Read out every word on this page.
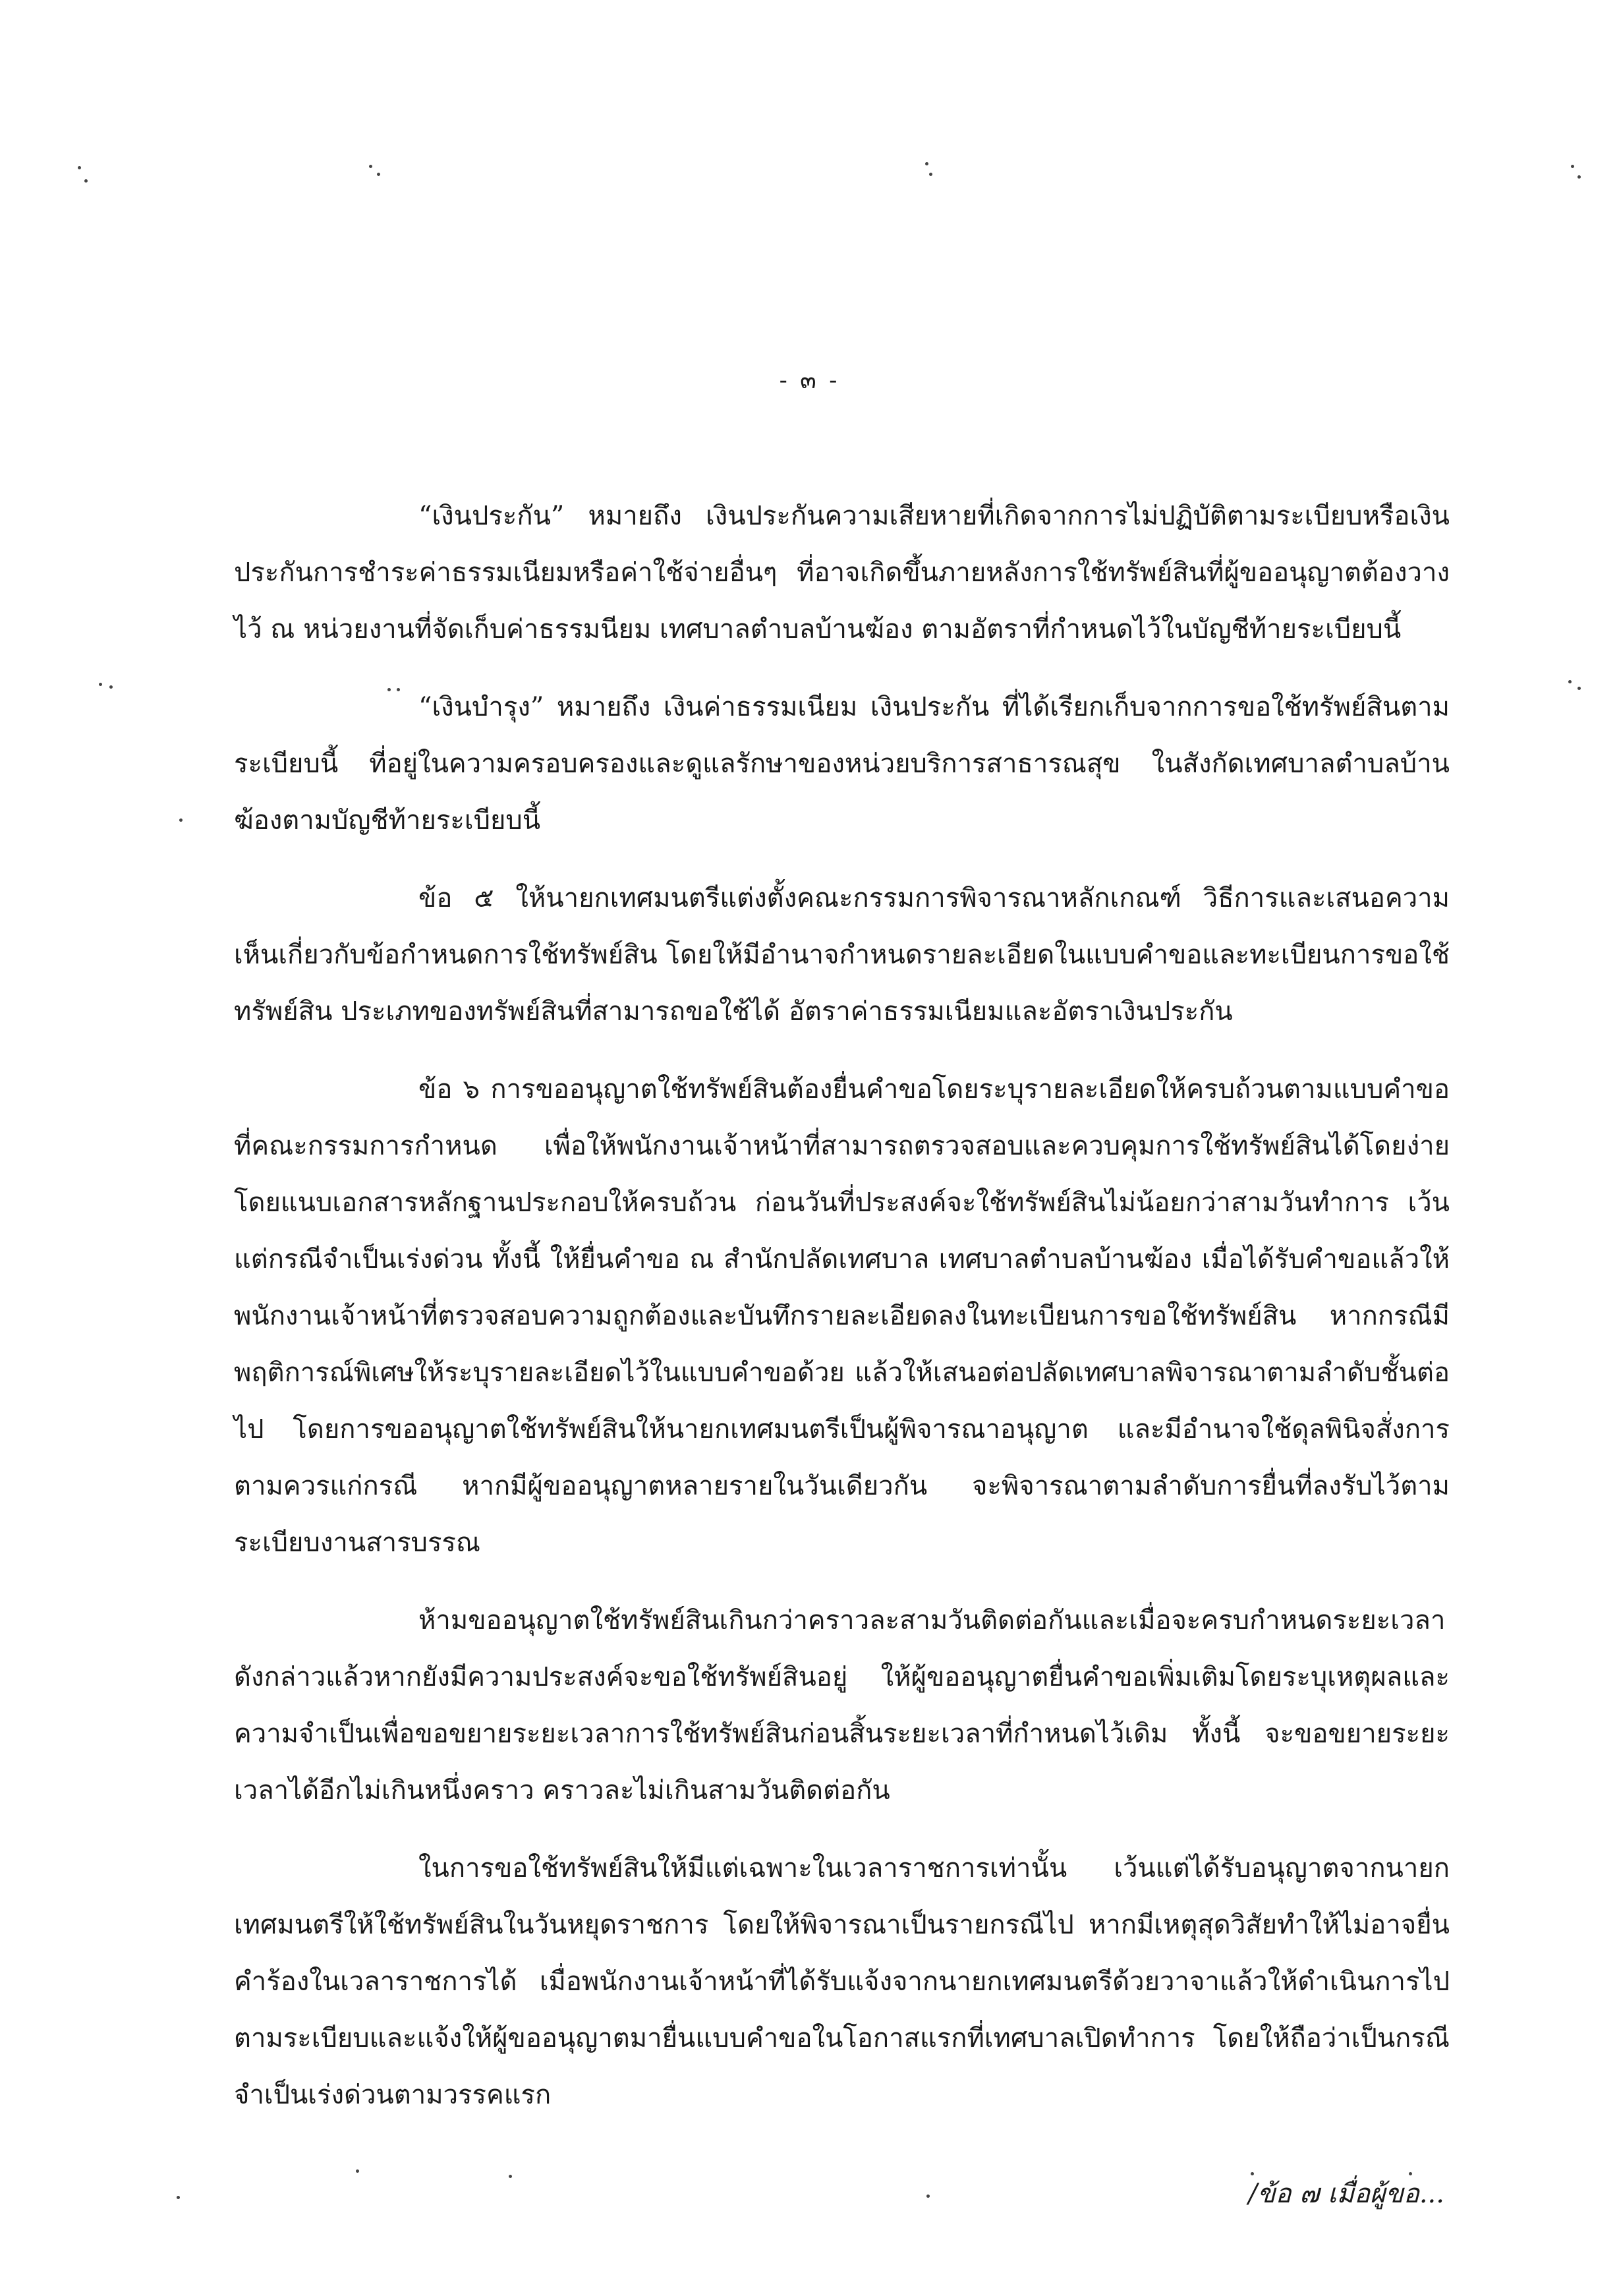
- ๓ -

“เงินประกัน” หมายถึง เงินประกันความเสียหายที่เกิดจากการไม่ปฏิบัติตามระเบียบหรือเงินประกันการชำระค่าธรรมเนียมหรือค่าใช้จ่ายอื่นๆ ที่อาจเกิดขึ้นภายหลังการใช้ทรัพย์สินที่ผู้ขออนุญาตต้องวางไว้ ณ หน่วยงานที่จัดเก็บค่าธรรมนียม เทศบาลตำบลบ้านฆ้อง ตามอัตราที่กำหนดไว้ในบัญชีท้ายระเบียบนี้

“เงินบำรุง” หมายถึง เงินค่าธรรมเนียม เงินประกัน ที่ได้เรียกเก็บจากการขอใช้ทรัพย์สินตามระเบียบนี้ ที่อยู่ในความครอบครองและดูแลรักษาของหน่วยบริการสาธารณสุข ในสังกัดเทศบาลตำบลบ้านฆ้องตามบัญชีท้ายระเบียบนี้

ข้อ ๕ ให้นายกเทศมนตรีแต่งตั้งคณะกรรมการพิจารณาหลักเกณฑ์ วิธีการและเสนอความเห็นเกี่ยวกับข้อกำหนดการใช้ทรัพย์สิน โดยให้มีอำนาจกำหนดรายละเอียดในแบบคำขอและทะเบียนการขอใช้ทรัพย์สิน ประเภทของทรัพย์สินที่สามารถขอใช้ได้ อัตราค่าธรรมเนียมและอัตราเงินประกัน

ข้อ ๖ การขออนุญาตใช้ทรัพย์สินต้องยื่นคำขอโดยระบุรายละเอียดให้ครบถ้วนตามแบบคำขอที่คณะกรรมการกำหนด เพื่อให้พนักงานเจ้าหน้าที่สามารถตรวจสอบและควบคุมการใช้ทรัพย์สินได้โดยง่าย โดยแนบเอกสารหลักฐานประกอบให้ครบถ้วน ก่อนวันที่ประสงค์จะใช้ทรัพย์สินไม่น้อยกว่าสามวันทำการ เว้นแต่กรณีจำเป็นเร่งด่วน ทั้งนี้ ให้ยื่นคำขอ ณ สำนักปลัดเทศบาล เทศบาลตำบลบ้านฆ้อง เมื่อได้รับคำขอแล้วให้พนักงานเจ้าหน้าที่ตรวจสอบความถูกต้องและบันทึกรายละเอียดลงในทะเบียนการขอใช้ทรัพย์สิน หากกรณีมีพฤติการณ์พิเศษให้ระบุรายละเอียดไว้ในแบบคำขอด้วย แล้วให้เสนอต่อปลัดเทศบาลพิจารณาตามลำดับชั้นต่อไป โดยการขออนุญาตใช้ทรัพย์สินให้นายกเทศมนตรีเป็นผู้พิจารณาอนุญาต และมีอำนาจใช้ดุลพินิจสั่งการตามควรแก่กรณี หากมีผู้ขออนุญาตหลายรายในวันเดียวกัน จะพิจารณาตามลำดับการยื่นที่ลงรับไว้ตามระเบียบงานสารบรรณ

ห้ามขออนุญาตใช้ทรัพย์สินเกินกว่าคราวละสามวันติดต่อกันและเมื่อจะครบกำหนดระยะเวลาดังกล่าวแล้วหากยังมีความประสงค์จะขอใช้ทรัพย์สินอยู่ ให้ผู้ขออนุญาตยื่นคำขอเพิ่มเติมโดยระบุเหตุผลและความจำเป็นเพื่อขอขยายระยะเวลาการใช้ทรัพย์สินก่อนสิ้นระยะเวลาที่กำหนดไว้เดิม ทั้งนี้ จะขอขยายระยะเวลาได้อีกไม่เกินหนึ่งคราว คราวละไม่เกินสามวันติดต่อกัน

ในการขอใช้ทรัพย์สินให้มีแต่เฉพาะในเวลาราชการเท่านั้น เว้นแต่ได้รับอนุญาตจากนายกเทศมนตรีให้ใช้ทรัพย์สินในวันหยุดราชการ โดยให้พิจารณาเป็นรายกรณีไป หากมีเหตุสุดวิสัยทำให้ไม่อาจยื่นคำร้องในเวลาราชการได้ เมื่อพนักงานเจ้าหน้าที่ได้รับแจ้งจากนายกเทศมนตรีด้วยวาจาแล้วให้ดำเนินการไปตามระเบียบและแจ้งให้ผู้ขออนุญาตมายื่นแบบคำขอในโอกาสแรกที่เทศบาลเปิดทำการ โดยให้ถือว่าเป็นกรณีจำเป็นเร่งด่วนตามวรรคแรก

/ข้อ ๗ เมื่อผู้ขอ...
